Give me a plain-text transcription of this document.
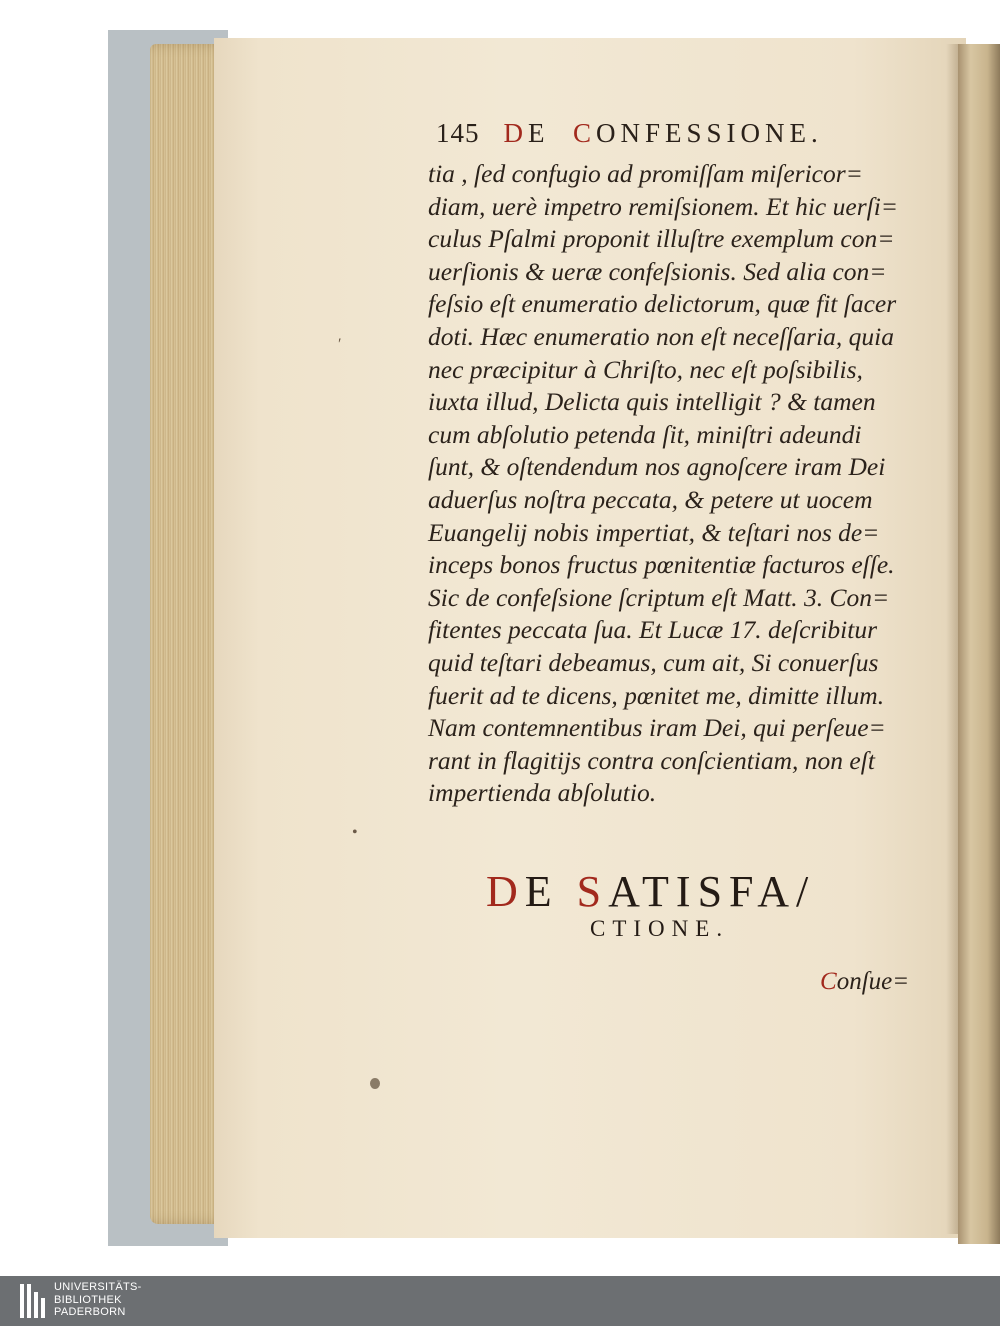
145 DE CONFESSIONE.
tia , ſed confugio ad promiſſam miſericor=
diam, uerè impetro remiſsionem. Et hic uerſi=
culus Pſalmi proponit illuſtre exemplum con=
uerſionis & ueræ confeſsionis. Sed alia con=
feſsio eſt enumeratio delictorum, quæ fit ſacer
doti. Hæc enumeratio non eſt neceſſaria, quia
nec præcipitur à Chriſto, nec eſt poſsibilis,
iuxta illud, Delicta quis intelligit ? & tamen
cum abſolutio petenda ſit, miniſtri adeundi
ſunt, & oſtendendum nos agnoſcere iram Dei
aduerſus noſtra peccata, & petere ut uocem
Euangelij nobis impertiat, & teſtari nos de=
inceps bonos fructus pœnitentiæ facturos eſſe.
Sic de confeſsione ſcriptum eſt Matt. 3. Con=
fitentes peccata ſua. Et Lucæ 17. deſcribitur
quid teſtari debeamus, cum ait, Si conuerſus
fuerit ad te dicens, pœnitet me, dimitte illum.
Nam contemnentibus iram Dei, qui perſeue=
rant in flagitijs contra conſcientiam, non eſt
impertienda abſolutio.
DE SATISFA/
CTIONE.
Conſue=
′
•
UNIVERSITÄTS-
BIBLIOTHEK
PADERBORN
